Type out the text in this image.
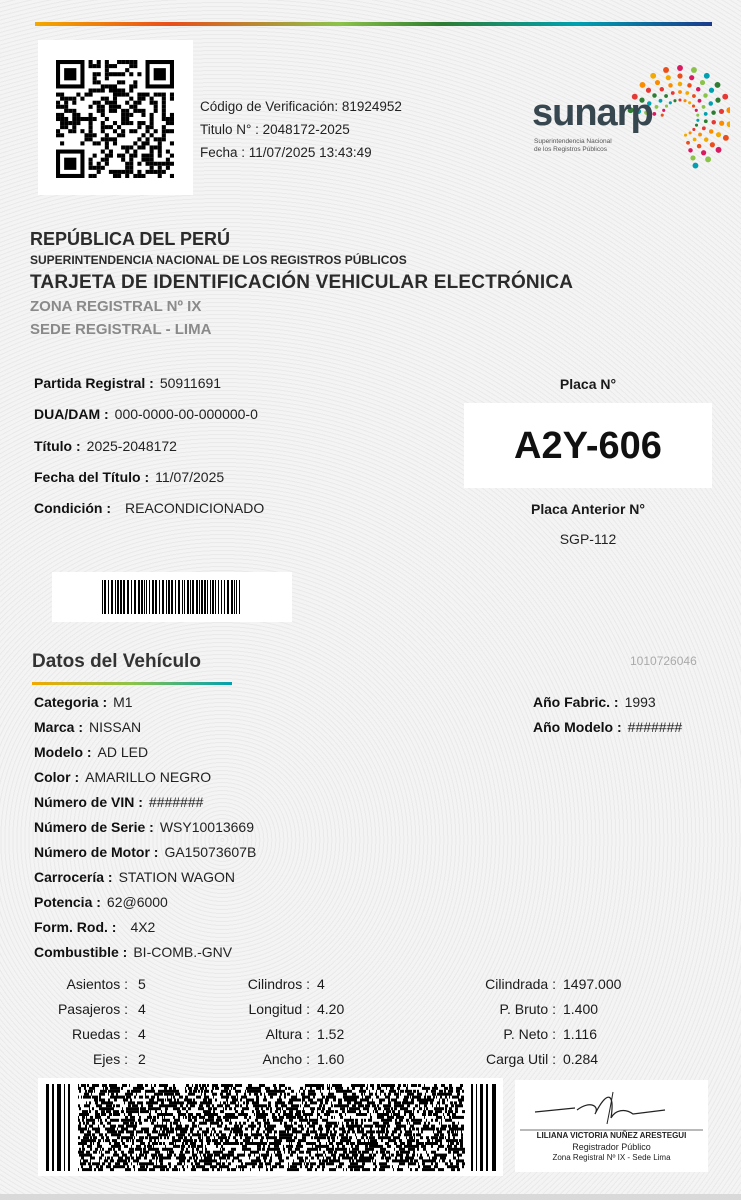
Código de Verificación: 81924952
Titulo N° : 2048172-2025
Fecha : 11/07/2025 13:43:49
sunarp
Superintendencia Nacional
de los Registros Públicos
REPÚBLICA DEL PERÚ
SUPERINTENDENCIA NACIONAL DE LOS REGISTROS PÚBLICOS
TARJETA DE IDENTIFICACIÓN VEHICULAR ELECTRÓNICA
ZONA REGISTRAL Nº IX
SEDE REGISTRAL - LIMA
Partida Registral : 50911691
DUA/DAM : 000-0000-00-000000-0
Título : 2025-2048172
Fecha del Título : 11/07/2025
Condición : REACONDICIONADO
Placa N°
A2Y-606
Placa Anterior N°
SGP-112
Datos del Vehículo	1010726046
Categoria : M1
Marca : NISSAN
Modelo : AD LED
Color : AMARILLO NEGRO
Número de VIN : #######
Número de Serie : WSY10013669
Número de Motor : GA15073607B
Carrocería : STATION WAGON
Potencia : 62@6000
Form. Rod. : 4X2
Combustible : BI-COMB.-GNV
Año Fabric. : 1993
Año Modelo : #######
Asientos : 5
Pasajeros : 4
Ruedas : 4
Ejes : 2
Cilindros : 4
Longitud : 4.20
Altura : 1.52
Ancho : 1.60
Cilindrada : 1497.000
P. Bruto : 1.400
P. Neto : 1.116
Carga Util : 0.284
LILIANA VICTORIA NUÑEZ ARESTEGUI
Registrador Público
Zona Registral Nº IX - Sede Lima
